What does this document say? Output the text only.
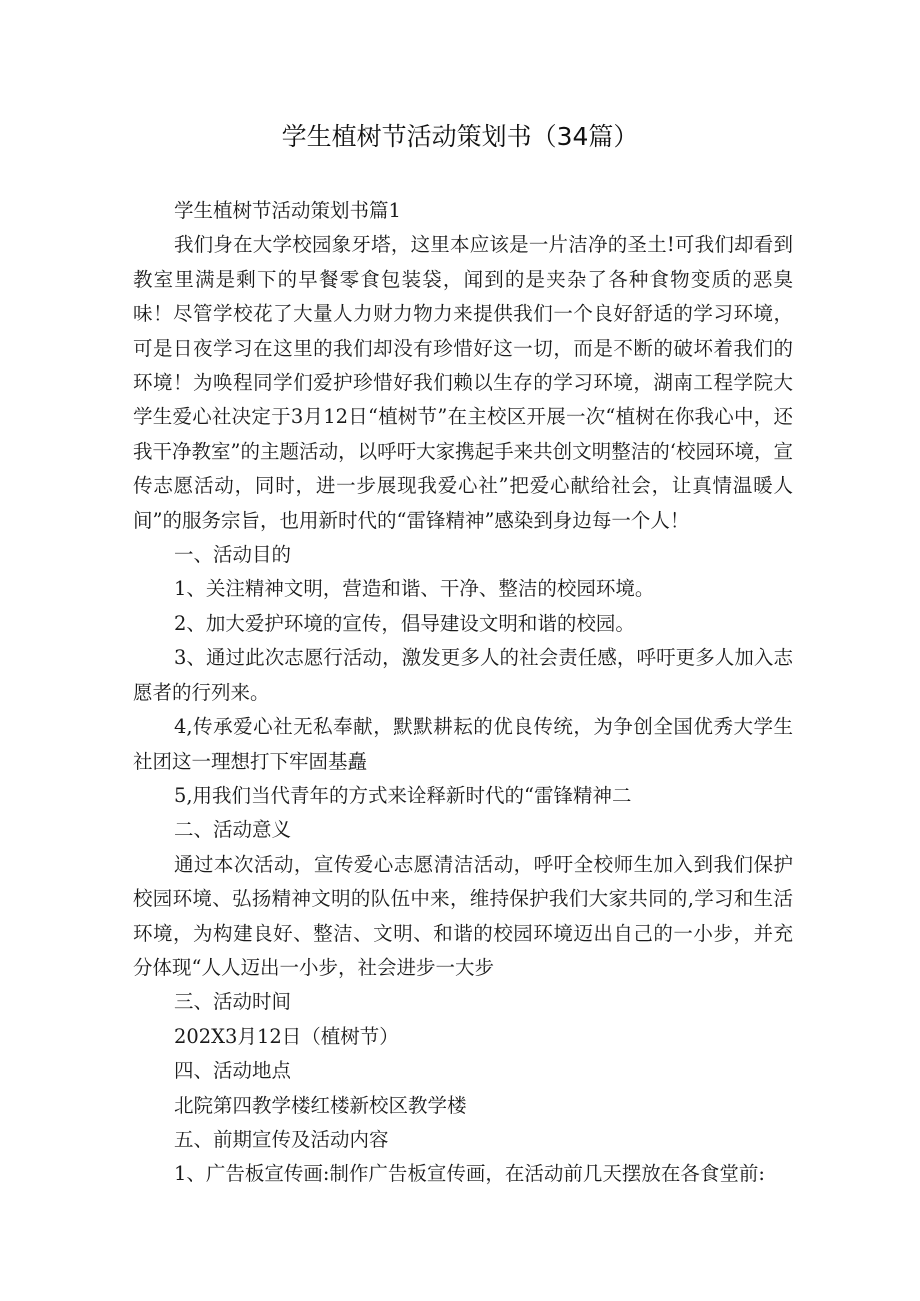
学生植树节活动策划书（34篇）

学生植树节活动策划书篇1

我们身在大学校园象牙塔，这里本应该是一片洁净的圣土!可我们却看到教室里满是剩下的早餐零食包装袋，闻到的是夹杂了各种食物变质的恶臭味！尽管学校花了大量人力财力物力来提供我们一个良好舒适的学习环境，可是日夜学习在这里的我们却没有珍惜好这一切，而是不断的破坏着我们的环境！为唤程同学们爱护珍惜好我们赖以生存的学习环境，湖南工程学院大学生爱心社决定于3月12日“植树节”在主校区开展一次“植树在你我心中，还我干净教室”的主题活动，以呼吁大家携起手来共创文明整洁的‘校园环境，宣传志愿活动，同时，进一步展现我爱心社”把爱心献给社会，让真情温暖人间”的服务宗旨，也用新时代的“雷锋精神”感染到身边每一个人！

一、活动目的

1、关注精神文明，营造和谐、干净、整洁的校园环境。

2、加大爱护环境的宣传，倡导建设文明和谐的校园。

3、通过此次志愿行活动，激发更多人的社会责任感，呼吁更多人加入志愿者的行列来。

4,传承爱心社无私奉献，默默耕耘的优良传统，为争创全国优秀大学生社团这一理想打下牢固基矗

5,用我们当代青年的方式来诠释新时代的“雷锋精神二

二、活动意义

通过本次活动，宣传爱心志愿清洁活动，呼吁全校师生加入到我们保护校园环境、弘扬精神文明的队伍中来，维持保护我们大家共同的,学习和生活环境，为构建良好、整洁、文明、和谐的校园环境迈出自己的一小步，并充分体现“人人迈出一小步，社会进步一大步

三、活动时间

202X3月12日（植树节）

四、活动地点

北院第四教学楼红楼新校区教学楼

五、前期宣传及活动内容

1、广告板宣传画:制作广告板宣传画，在活动前几天摆放在各食堂前:
